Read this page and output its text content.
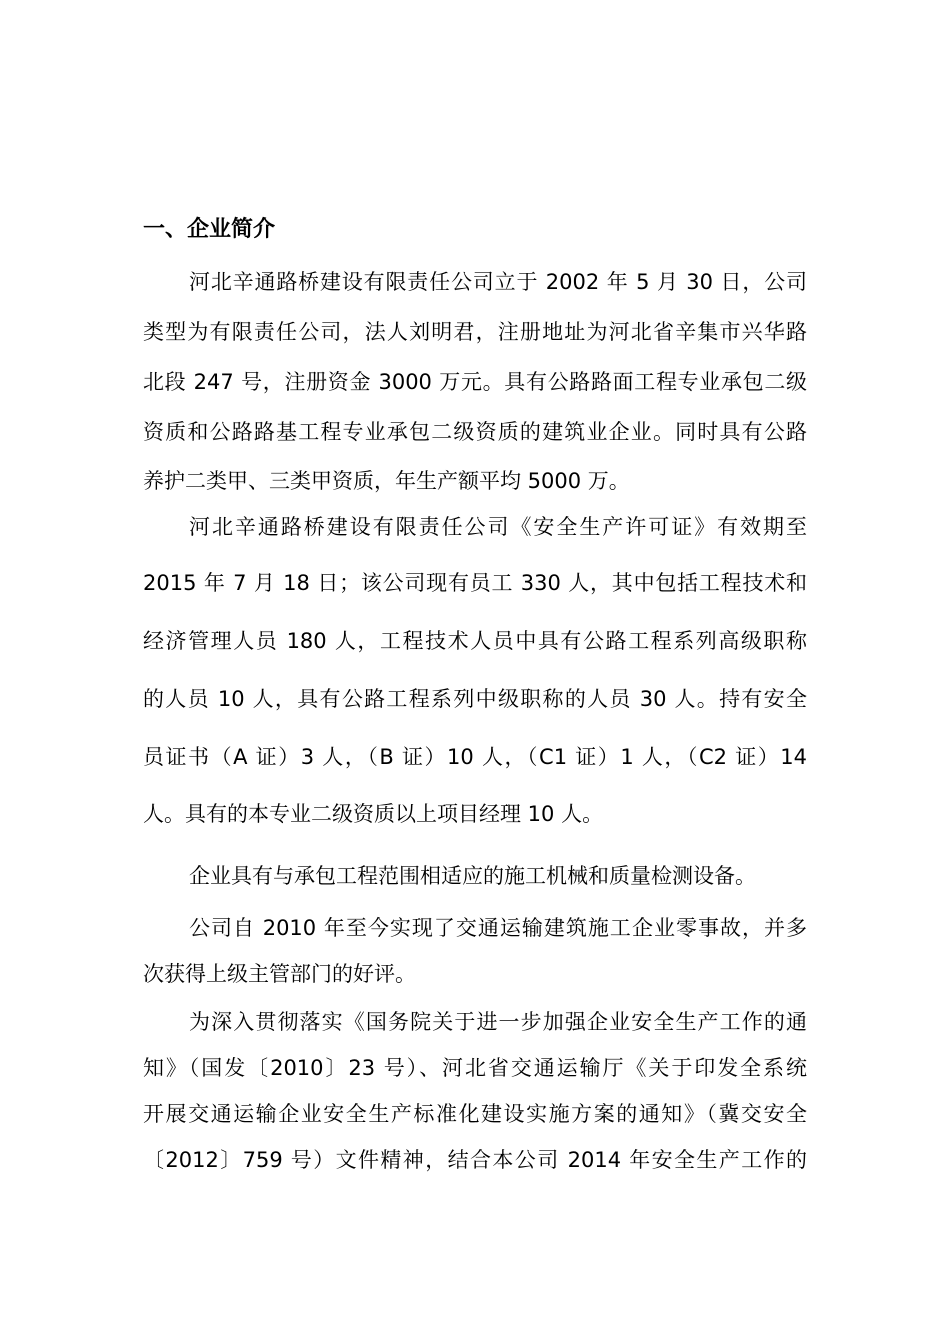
一、企业简介
河北辛通路桥建设有限责任公司立于 2002 年 5 月 30 日，公司
类型为有限责任公司，法人刘明君，注册地址为河北省辛集市兴华路
北段 247 号，注册资金 3000 万元。具有公路路面工程专业承包二级
资质和公路路基工程专业承包二级资质的建筑业企业。同时具有公路
养护二类甲、三类甲资质，年生产额平均 5000 万。
河北辛通路桥建设有限责任公司《安全生产许可证》有效期至
2015 年 7 月 18 日；该公司现有员工 330 人，其中包括工程技术和
经济管理人员 180 人，工程技术人员中具有公路工程系列高级职称
的人员 10 人，具有公路工程系列中级职称的人员 30 人。持有安全
员证书（A 证）3 人，（B 证）10 人，（C1 证）1 人，（C2 证）14
人。具有的本专业二级资质以上项目经理 10 人。
企业具有与承包工程范围相适应的施工机械和质量检测设备。
公司自 2010 年至今实现了交通运输建筑施工企业零事故，并多
次获得上级主管部门的好评。
为深入贯彻落实《国务院关于进一步加强企业安全生产工作的通
知》（国发〔2010〕23 号）、河北省交通运输厅《关于印发全系统
开展交通运输企业安全生产标准化建设实施方案的通知》（冀交安全
〔2012〕759 号）文件精神，结合本公司 2014 年安全生产工作的
